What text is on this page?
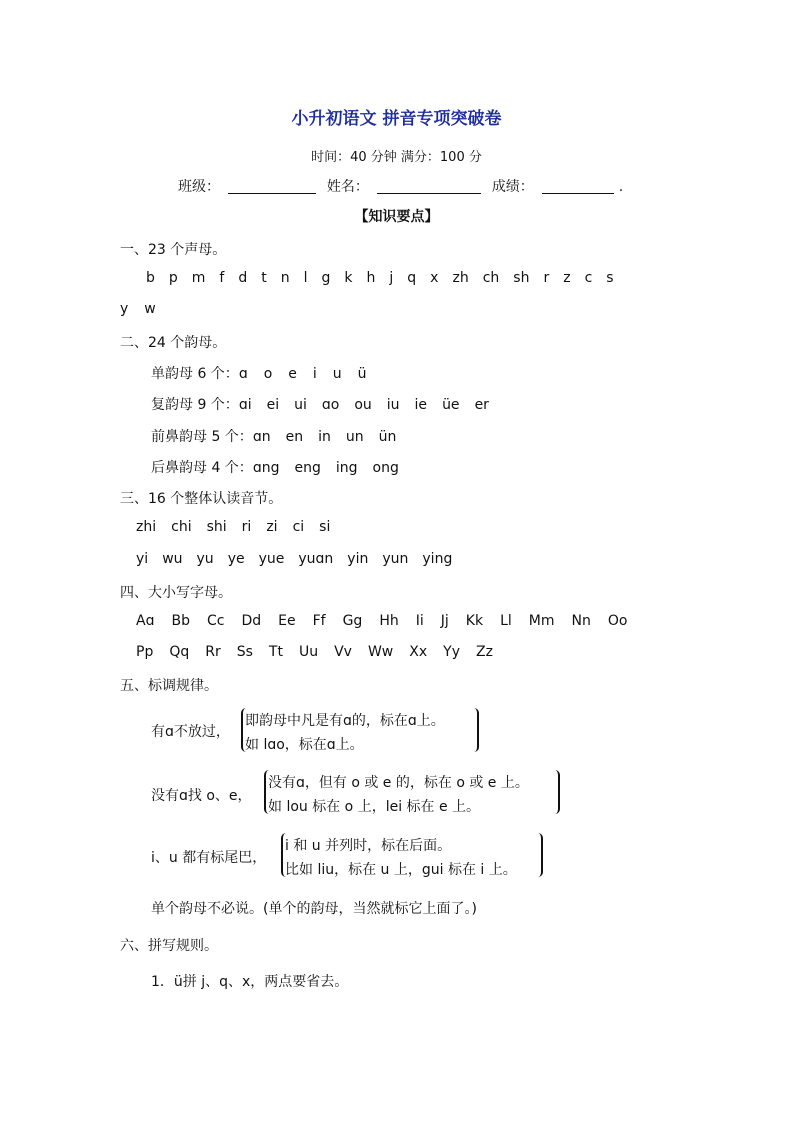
小升初语文 拼音专项突破卷
时间：40 分钟 满分：100 分
班级：	姓名：	成绩：	.
【知识要点】
一、23 个声母。
b p m f d t n l g k h j q x zh ch sh r z c s
y w
二、24 个韵母。
单韵母 6 个：ɑ o e i u ü
复韵母 9 个：ɑi ei ui ɑo ou iu ie üe er
前鼻韵母 5 个：ɑn en in un ün
后鼻韵母 4 个：ɑng eng ing ong
三、16 个整体认读音节。
zhi chi shi ri zi ci si
yi wu yu ye yue yuɑn yin yun ying
四、大小写字母。
Aɑ Bb Cc Dd Ee Ff Gg Hh Ii Jj Kk Ll Mm Nn Oo
Pp Qq Rr Ss Tt Uu Vv Ww Xx Yy Zz
五、标调规律。
有ɑ不放过，
即韵母中凡是有ɑ的，标在ɑ上。
如 lɑo，标在ɑ上。
没有ɑ找 o、e，
没有ɑ，但有 o 或 e 的，标在 o 或 e 上。
如 lou 标在 o 上，lei 标在 e 上。
i、u 都有标尾巴，
i 和 u 并列时，标在后面。
比如 liu，标在 u 上，gui 标在 i 上。
单个韵母不必说。(单个的韵母，当然就标它上面了。)
六、拼写规则。
1．ü拼 j、q、x，两点要省去。
